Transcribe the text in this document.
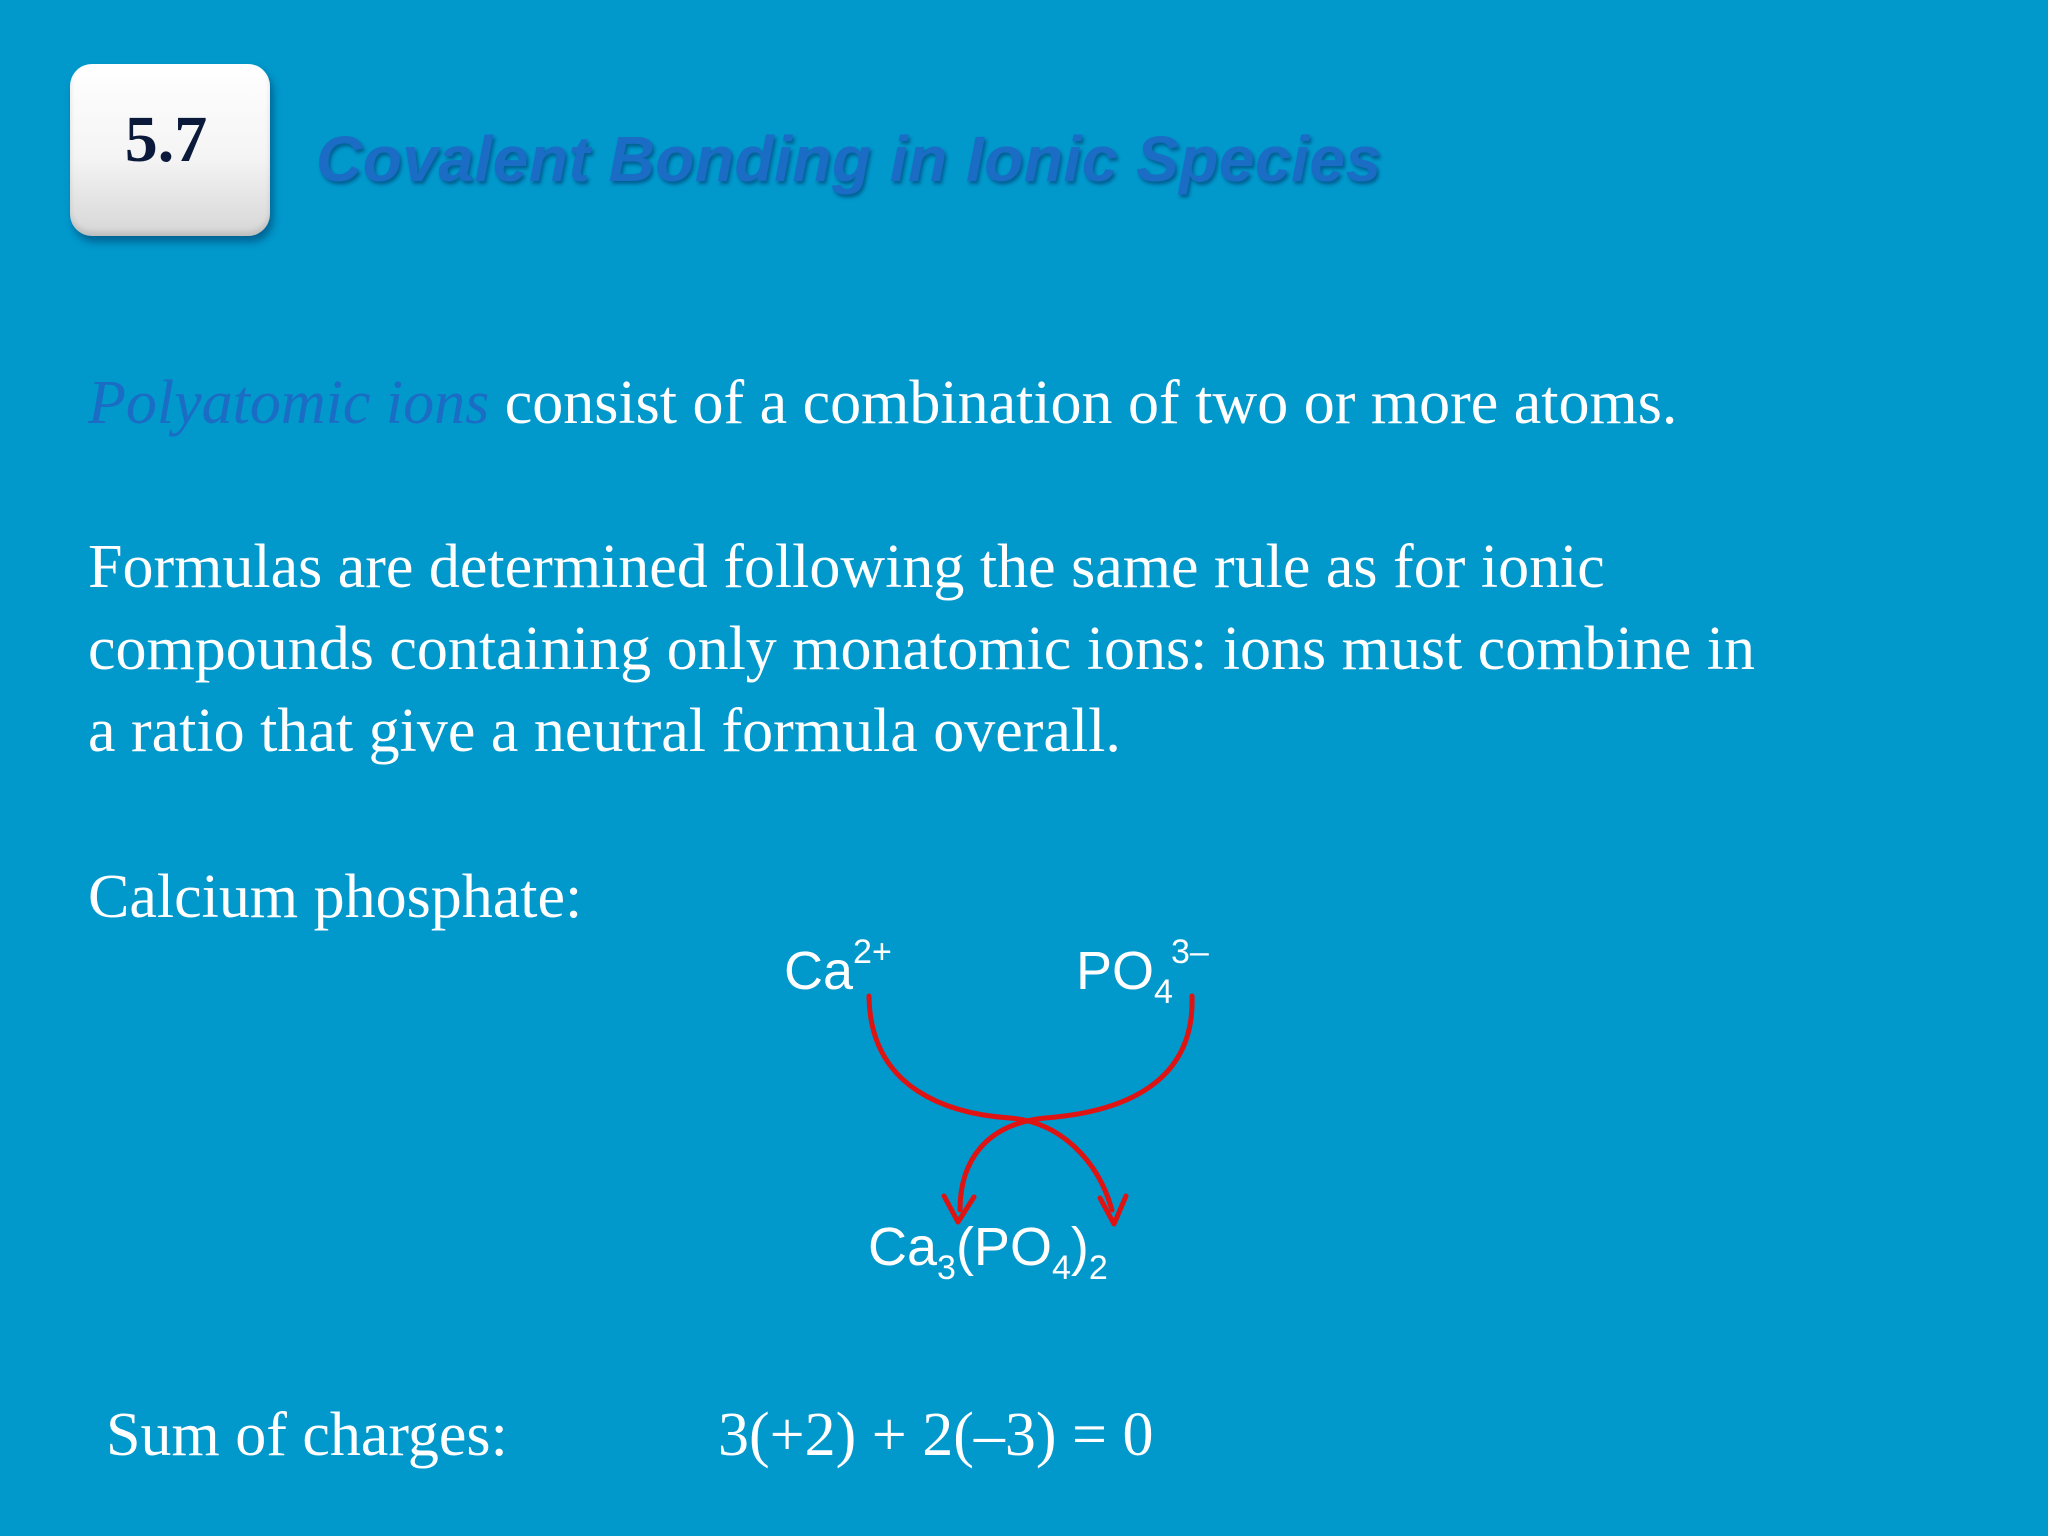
5.7 Covalent Bonding in Ionic Species
Polyatomic ions consist of a combination of two or more atoms.
Formulas are determined following the same rule as for ionic
compounds containing only monatomic ions: ions must combine in
a ratio that give a neutral formula overall.
Calcium phosphate:
$Ca^{2+}$	$PO_4^{3-}$
$Ca_3(PO_4)_2$
Sum of charges:	3(+2) + 2(–3) = 0
